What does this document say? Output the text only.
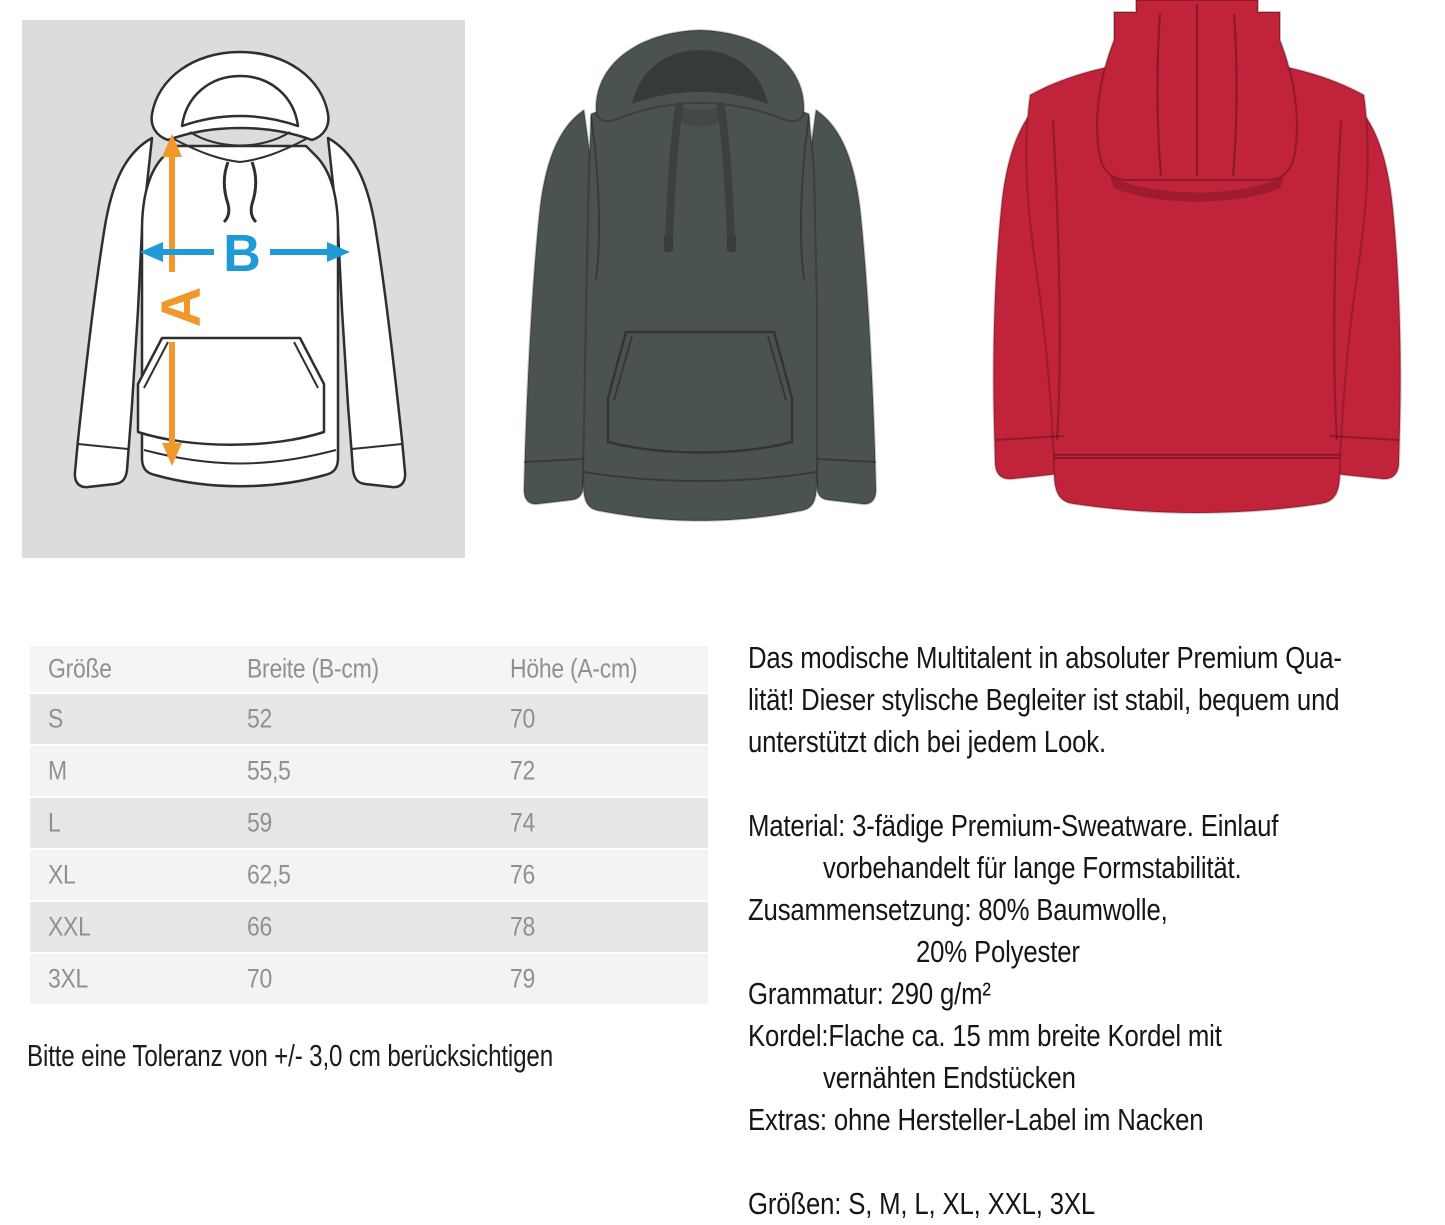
A
B
Größe	Breite (B-cm)	Höhe (A-cm)
S	52	70
M	55,5	72
L	59	74
XL	62,5	76
XXL	66	78
3XL	70	79
Bitte eine Toleranz von +/- 3,0 cm berücksichtigen
Das modische Multitalent in absoluter Premium Qua-
lität! Dieser stylische Begleiter ist stabil, bequem und
unterstützt dich bei jedem Look.
Material: 3-fädige Premium-Sweatware. Einlauf
vorbehandelt für lange Formstabilität.
Zusammensetzung: 80% Baumwolle,
20% Polyester
Grammatur: 290 g/m²
Kordel:Flache ca. 15 mm breite Kordel mit
vernähten Endstücken
Extras: ohne Hersteller-Label im Nacken
Größen: S, M, L, XL, XXL, 3XL
